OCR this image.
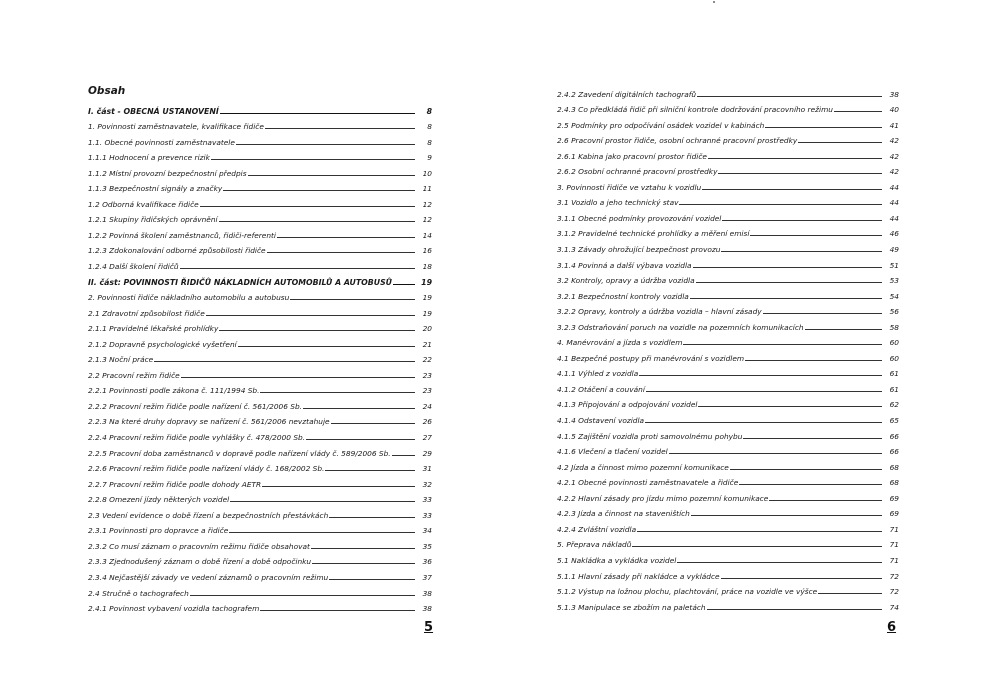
Obsah
I. část - OBECNÁ USTANOVENÍ	8
1. Povinnosti zaměstnavatele, kvalifikace řidiče	8
1.1. Obecné povinnosti zaměstnavatele	8
1.1.1 Hodnocení a prevence rizik	9
1.1.2 Místní provozní bezpečnostní předpis	10
1.1.3 Bezpečnostní signály a značky	11
1.2 Odborná kvalifikace řidiče	12
1.2.1 Skupiny řidičských oprávnění	12
1.2.2 Povinná školení zaměstnanců, řidiči-referenti	14
1.2.3 Zdokonalování odborné způsobilosti řidiče	16
1.2.4 Další školení řidičů	18
II. část: POVINNOSTI ŘIDIČŮ NÁKLADNÍCH AUTOMOBILŮ A AUTOBUSŮ	19
2. Povinnosti řidiče nákladního automobilu a autobusu	19
2.1 Zdravotní způsobilost řidiče	19
2.1.1 Pravidelné lékařské prohlídky	20
2.1.2 Dopravně psychologické vyšetření	21
2.1.3 Noční práce	22
2.2 Pracovní režim řidiče	23
2.2.1 Povinnosti podle zákona č. 111/1994 Sb.	23
2.2.2 Pracovní režim řidiče podle nařízení č. 561/2006 Sb.	24
2.2.3 Na které druhy dopravy se nařízení č. 561/2006 nevztahuje	26
2.2.4 Pracovní režim řidiče podle vyhlášky č. 478/2000 Sb.	27
2.2.5 Pracovní doba zaměstnanců v dopravě podle nařízení vlády č. 589/2006 Sb.	29
2.2.6 Pracovní režim řidiče podle nařízení vlády č. 168/2002 Sb.	31
2.2.7 Pracovní režim řidiče podle dohody AETR	32
2.2.8 Omezení jízdy některých vozidel	33
2.3 Vedení evidence o době řízení a bezpečnostních přestávkách	33
2.3.1 Povinnosti pro dopravce a řidiče	34
2.3.2 Co musí záznam o pracovním režimu řidiče obsahovat	35
2.3.3 Zjednodušený záznam o době řízení a době odpočinku	36
2.3.4 Nejčastější závady ve vedení záznamů o pracovním režimu	37
2.4 Stručně o tachografech	38
2.4.1 Povinnost vybavení vozidla tachografem	38
5
2.4.2 Zavedení digitálních tachografů	38
2.4.3 Co předkládá řidič při silniční kontrole dodržování pracovního režimu	40
2.5 Podmínky pro odpočívání osádek vozidel v kabinách	41
2.6 Pracovní prostor řidiče, osobní ochranné pracovní prostředky	42
2.6.1 Kabina jako pracovní prostor řidiče	42
2.6.2 Osobní ochranné pracovní prostředky	42
3. Povinnosti řidiče ve vztahu k vozidlu	44
3.1 Vozidlo a jeho technický stav	44
3.1.1 Obecné podmínky provozování vozidel	44
3.1.2 Pravidelné technické prohlídky a měření emisí	46
3.1.3 Závady ohrožující bezpečnost provozu	49
3.1.4 Povinná a další výbava vozidla	51
3.2 Kontroly, opravy a údržba vozidla	53
3.2.1 Bezpečnostní kontroly vozidla	54
3.2.2 Opravy, kontroly a údržba vozidla – hlavní zásady	56
3.2.3 Odstraňování poruch na vozidle na pozemních komunikacích	58
4. Manévrování a jízda s vozidlem	60
4.1 Bezpečné postupy při manévrování s vozidlem	60
4.1.1 Výhled z vozidla	61
4.1.2 Otáčení a couvání	61
4.1.3 Připojování a odpojování vozidel	62
4.1.4 Odstavení vozidla	65
4.1.5 Zajištění vozidla proti samovolnému pohybu	66
4.1.6 Vlečení a tlačení vozidel	66
4.2 Jízda a činnost mimo pozemní komunikace	68
4.2.1 Obecné povinnosti zaměstnavatele a řidiče	68
4.2.2 Hlavní zásady pro jízdu mimo pozemní komunikace	69
4.2.3 Jízda a činnost na staveništích	69
4.2.4 Zvláštní vozidla	71
5. Přeprava nákladů	71
5.1 Nakládka a vykládka vozidel	71
5.1.1 Hlavní zásady při nakládce a vykládce	72
5.1.2 Výstup na ložnou plochu, plachtování, práce na vozidle ve výšce	72
5.1.3 Manipulace se zbožím na paletách	74
6
